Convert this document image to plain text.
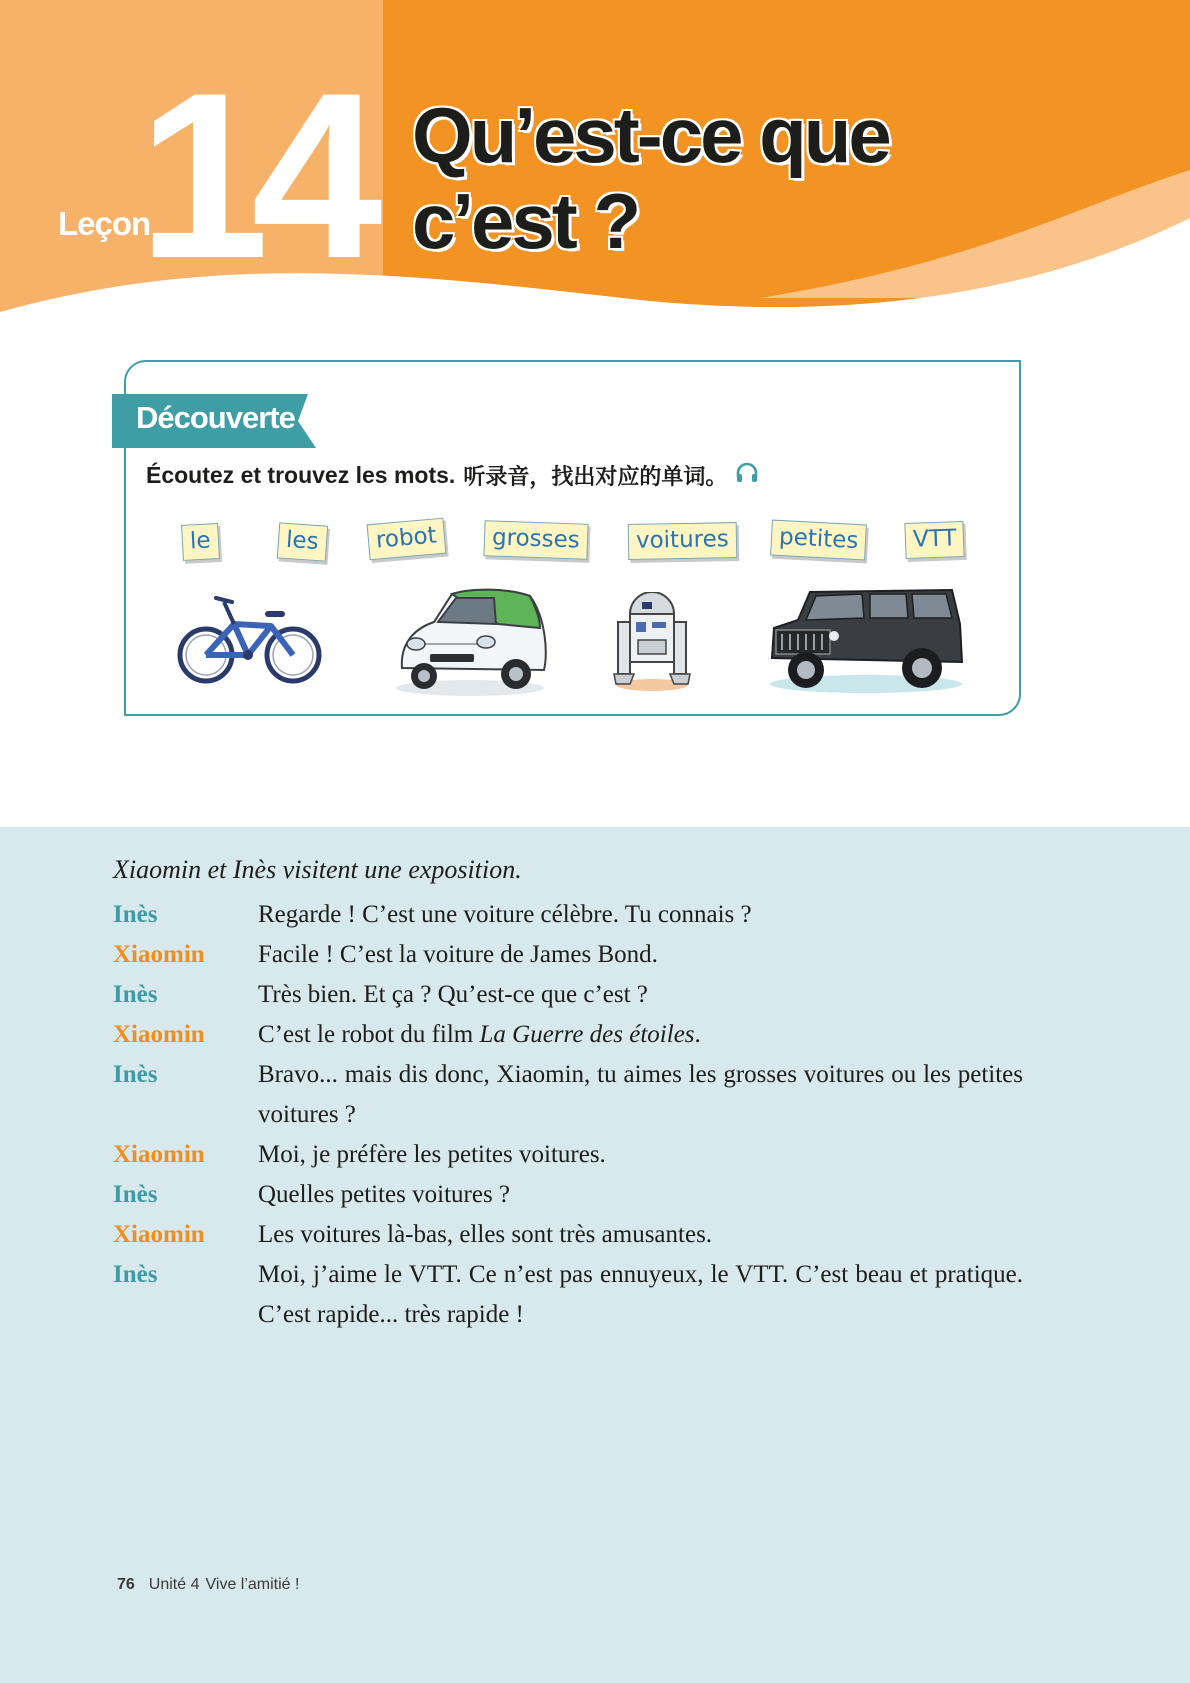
Leçon
14 Qu’est-ce que
c’est ?
Découverte
Écoutez et trouvez les mots. 听录音，找出对应的单词。
le	les	robot	grosses	voitures	petites	VTT
Xiaomin et Inès visitent une exposition.
Inès	Regarde ! C’est une voiture célèbre. Tu connais ?
Xiaomin	Facile ! C’est la voiture de James Bond.
Inès	Très bien. Et ça ? Qu’est-ce que c’est ?
Xiaomin	C’est le robot du film La Guerre des étoiles.
Inès	Bravo... mais dis donc, Xiaomin, tu aimes les grosses voitures ou les petites voitures ?
Xiaomin	Moi, je préfère les petites voitures.
Inès	Quelles petites voitures ?
Xiaomin	Les voitures là-bas, elles sont très amusantes.
Inès	Moi, j’aime le VTT. Ce n’est pas ennuyeux, le VTT. C’est beau et pratique. C’est rapide... très rapide !
76 Unité 4 Vive l’amitié !
